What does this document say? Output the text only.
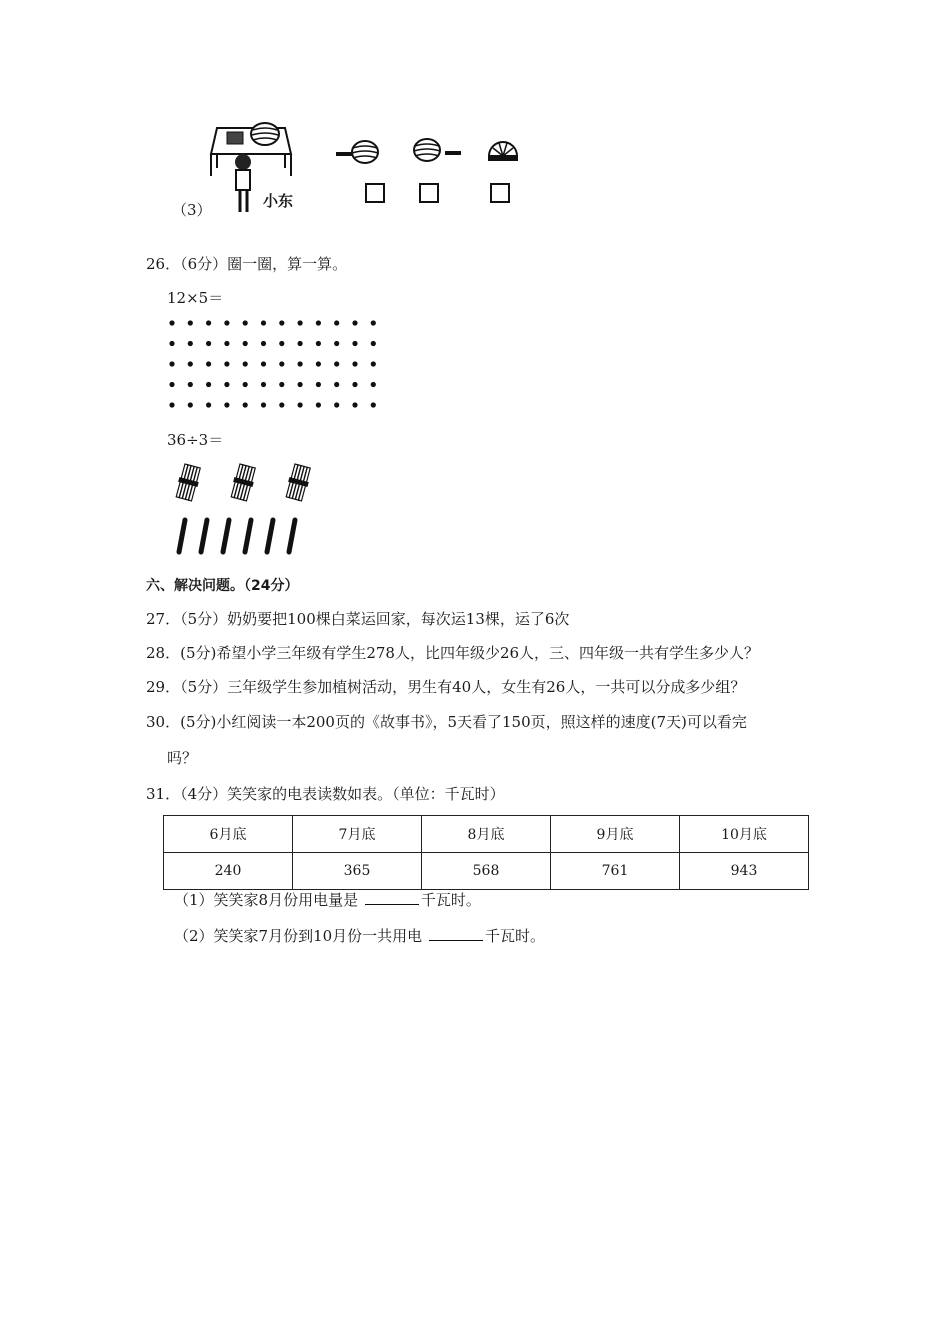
（3）	小东
26．（6分）圈一圈，算一算。
12×5＝
36÷3＝
六、解决问题。（24分）
27．（5分）奶奶要把100棵白菜运回家，每次运13棵，运了6次
28．(5分)希望小学三年级有学生278人，比四年级少26人，三、四年级一共有学生多少人？
29．（5分）三年级学生参加植树活动，男生有40人，女生有26人，一共可以分成多少组？
30．(5分)小红阅读一本200页的《故事书》，5天看了150页，照这样的速度(7天)可以看完
吗？
31．（4分）笑笑家的电表读数如表。（单位：千瓦时）
6月底	7月底	8月底	9月底	10月底
240	365	568	761	943
（1）笑笑家8月份用电量是	千瓦时。
（2）笑笑家7月份到10月份一共用电	千瓦时。
